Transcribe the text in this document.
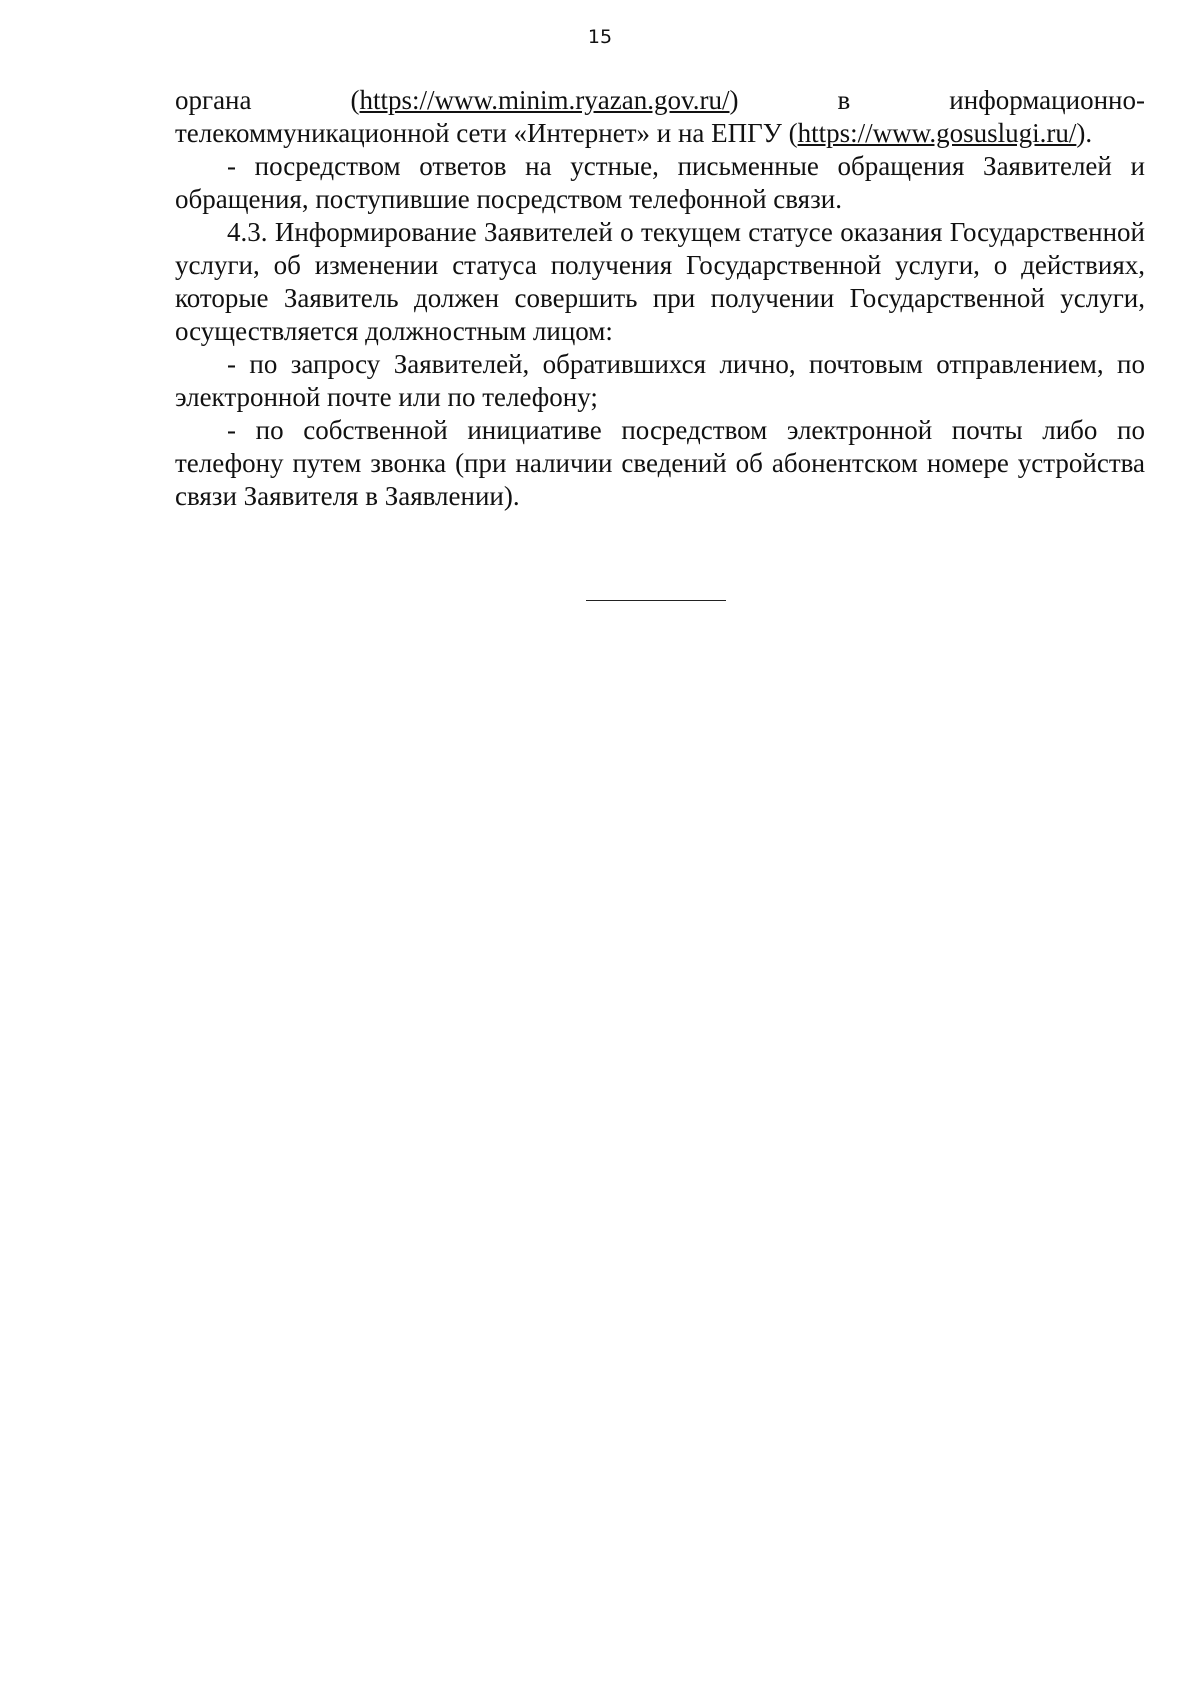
15
органа	(https://www.minim.ryazan.gov.ru/)	в	информационно-

телекоммуникационной сети «Интернет» и на ЕПГУ (https://www.gosuslugi.ru/).

- посредством ответов на устные, письменные обращения Заявителей и обращения, поступившие посредством телефонной связи.

4.3. Информирование Заявителей о текущем статусе оказания Государственной услуги, об изменении статуса получения Государственной услуги, о действиях, которые Заявитель должен совершить при получении Государственной услуги, осуществляется должностным лицом:

- по запросу Заявителей, обратившихся лично, почтовым отправлением, по электронной почте или по телефону;

- по собственной инициативе посредством электронной почты либо по телефону путем звонка (при наличии сведений об абонентском номере устройства связи Заявителя в Заявлении).
